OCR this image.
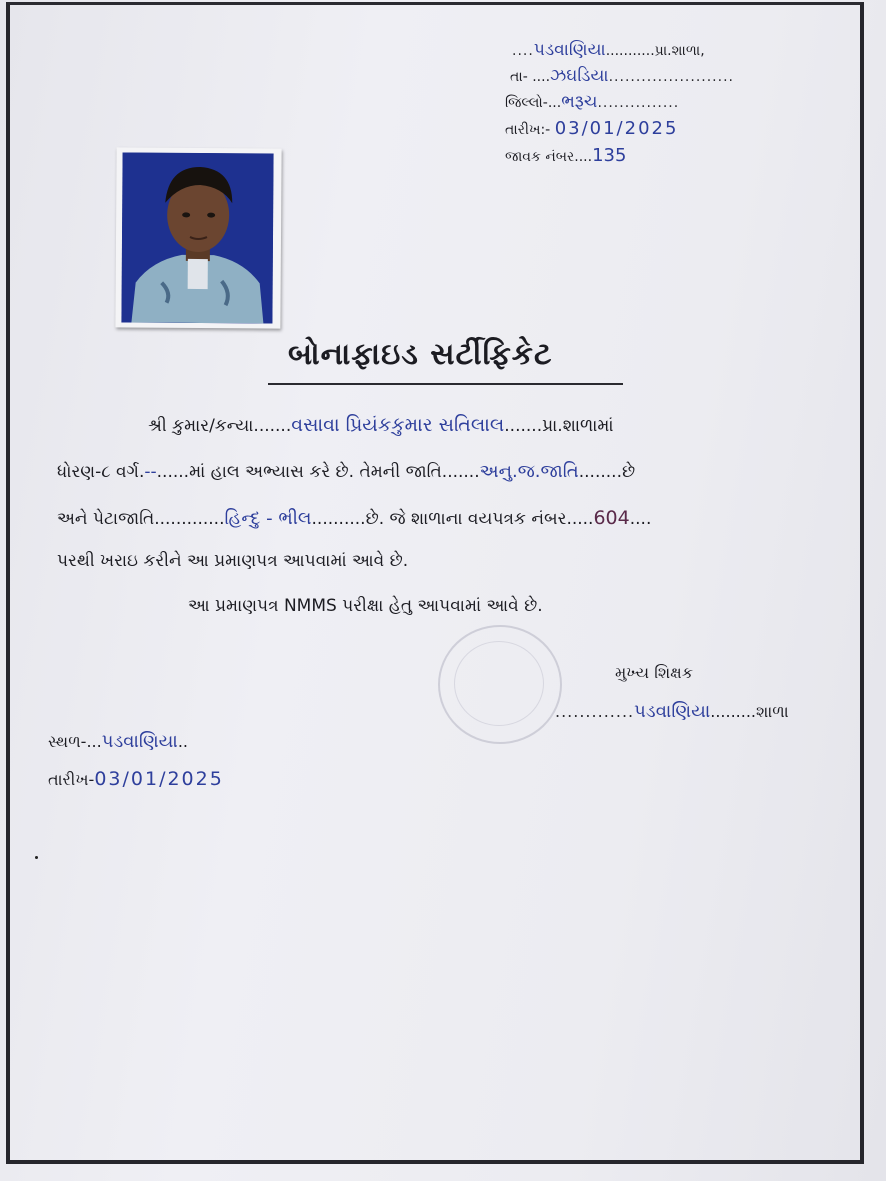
....પડવાણિયા...........પ્રા.શાળા,
તા- ....ઝઘડિયા.......................
જિલ્લો-...ભરૂચ...............
તારીખ:- 03/01/2025
જાવક નંબર....135
બોનાફાઇડ સર્ટીફિકેટ
શ્રી કુમાર/કન્યા.......વસાવા પ્રિયંકકુમાર સતિલાલ.......પ્રા.શાળામાં
ધોરણ-૮ વર્ગ.--......માં હાલ અભ્યાસ કરે છે. તેમની જાતિ.......અનુ.જ.જાતિ........છે
અને પેટાજાતિ.............હિન્દુ - ભીલ..........છે. જે શાળાના વયપત્રક નંબર.....604....
પરથી ખરાઇ કરીને આ પ્રમાણપત્ર આપવામાં આવે છે.
આ પ્રમાણપત્ર NMMS પરીક્ષા હેતુ આપવામાં આવે છે.
મુખ્ય શિક્ષક
.............પડવાણિયા.........શાળા
સ્થળ-...પડવાણિયા..
તારીખ-03/01/2025
